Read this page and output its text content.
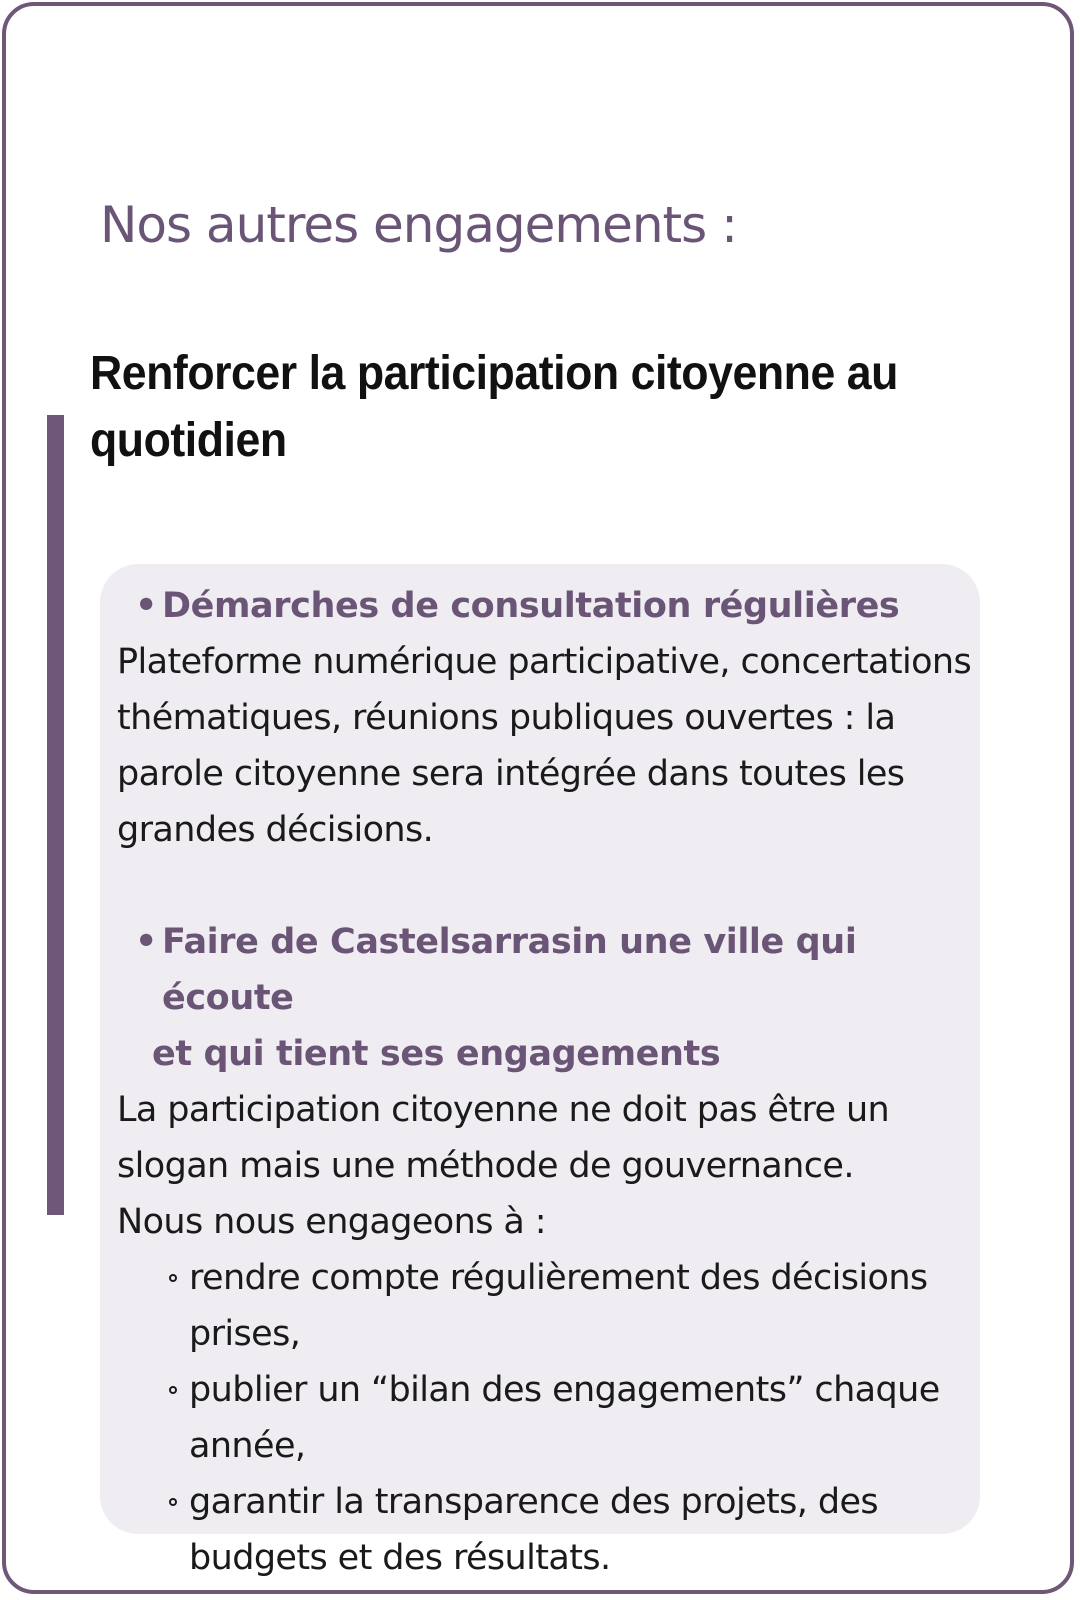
Nos autres engagements :
Renforcer la participation citoyenne au quotidien
• Démarches de consultation régulières

Plateforme numérique participative, concertations thématiques, réunions publiques ouvertes : la parole citoyenne sera intégrée dans toutes les grandes décisions.

• Faire de Castelsarrasin une ville qui écoute
et qui tient ses engagements

La participation citoyenne ne doit pas être un slogan mais une méthode de gouvernance.

Nous nous engageons à :

rendre compte régulièrement des décisions prises,
publier un “bilan des engagements” chaque année,
garantir la transparence des projets, des budgets et des résultats.
